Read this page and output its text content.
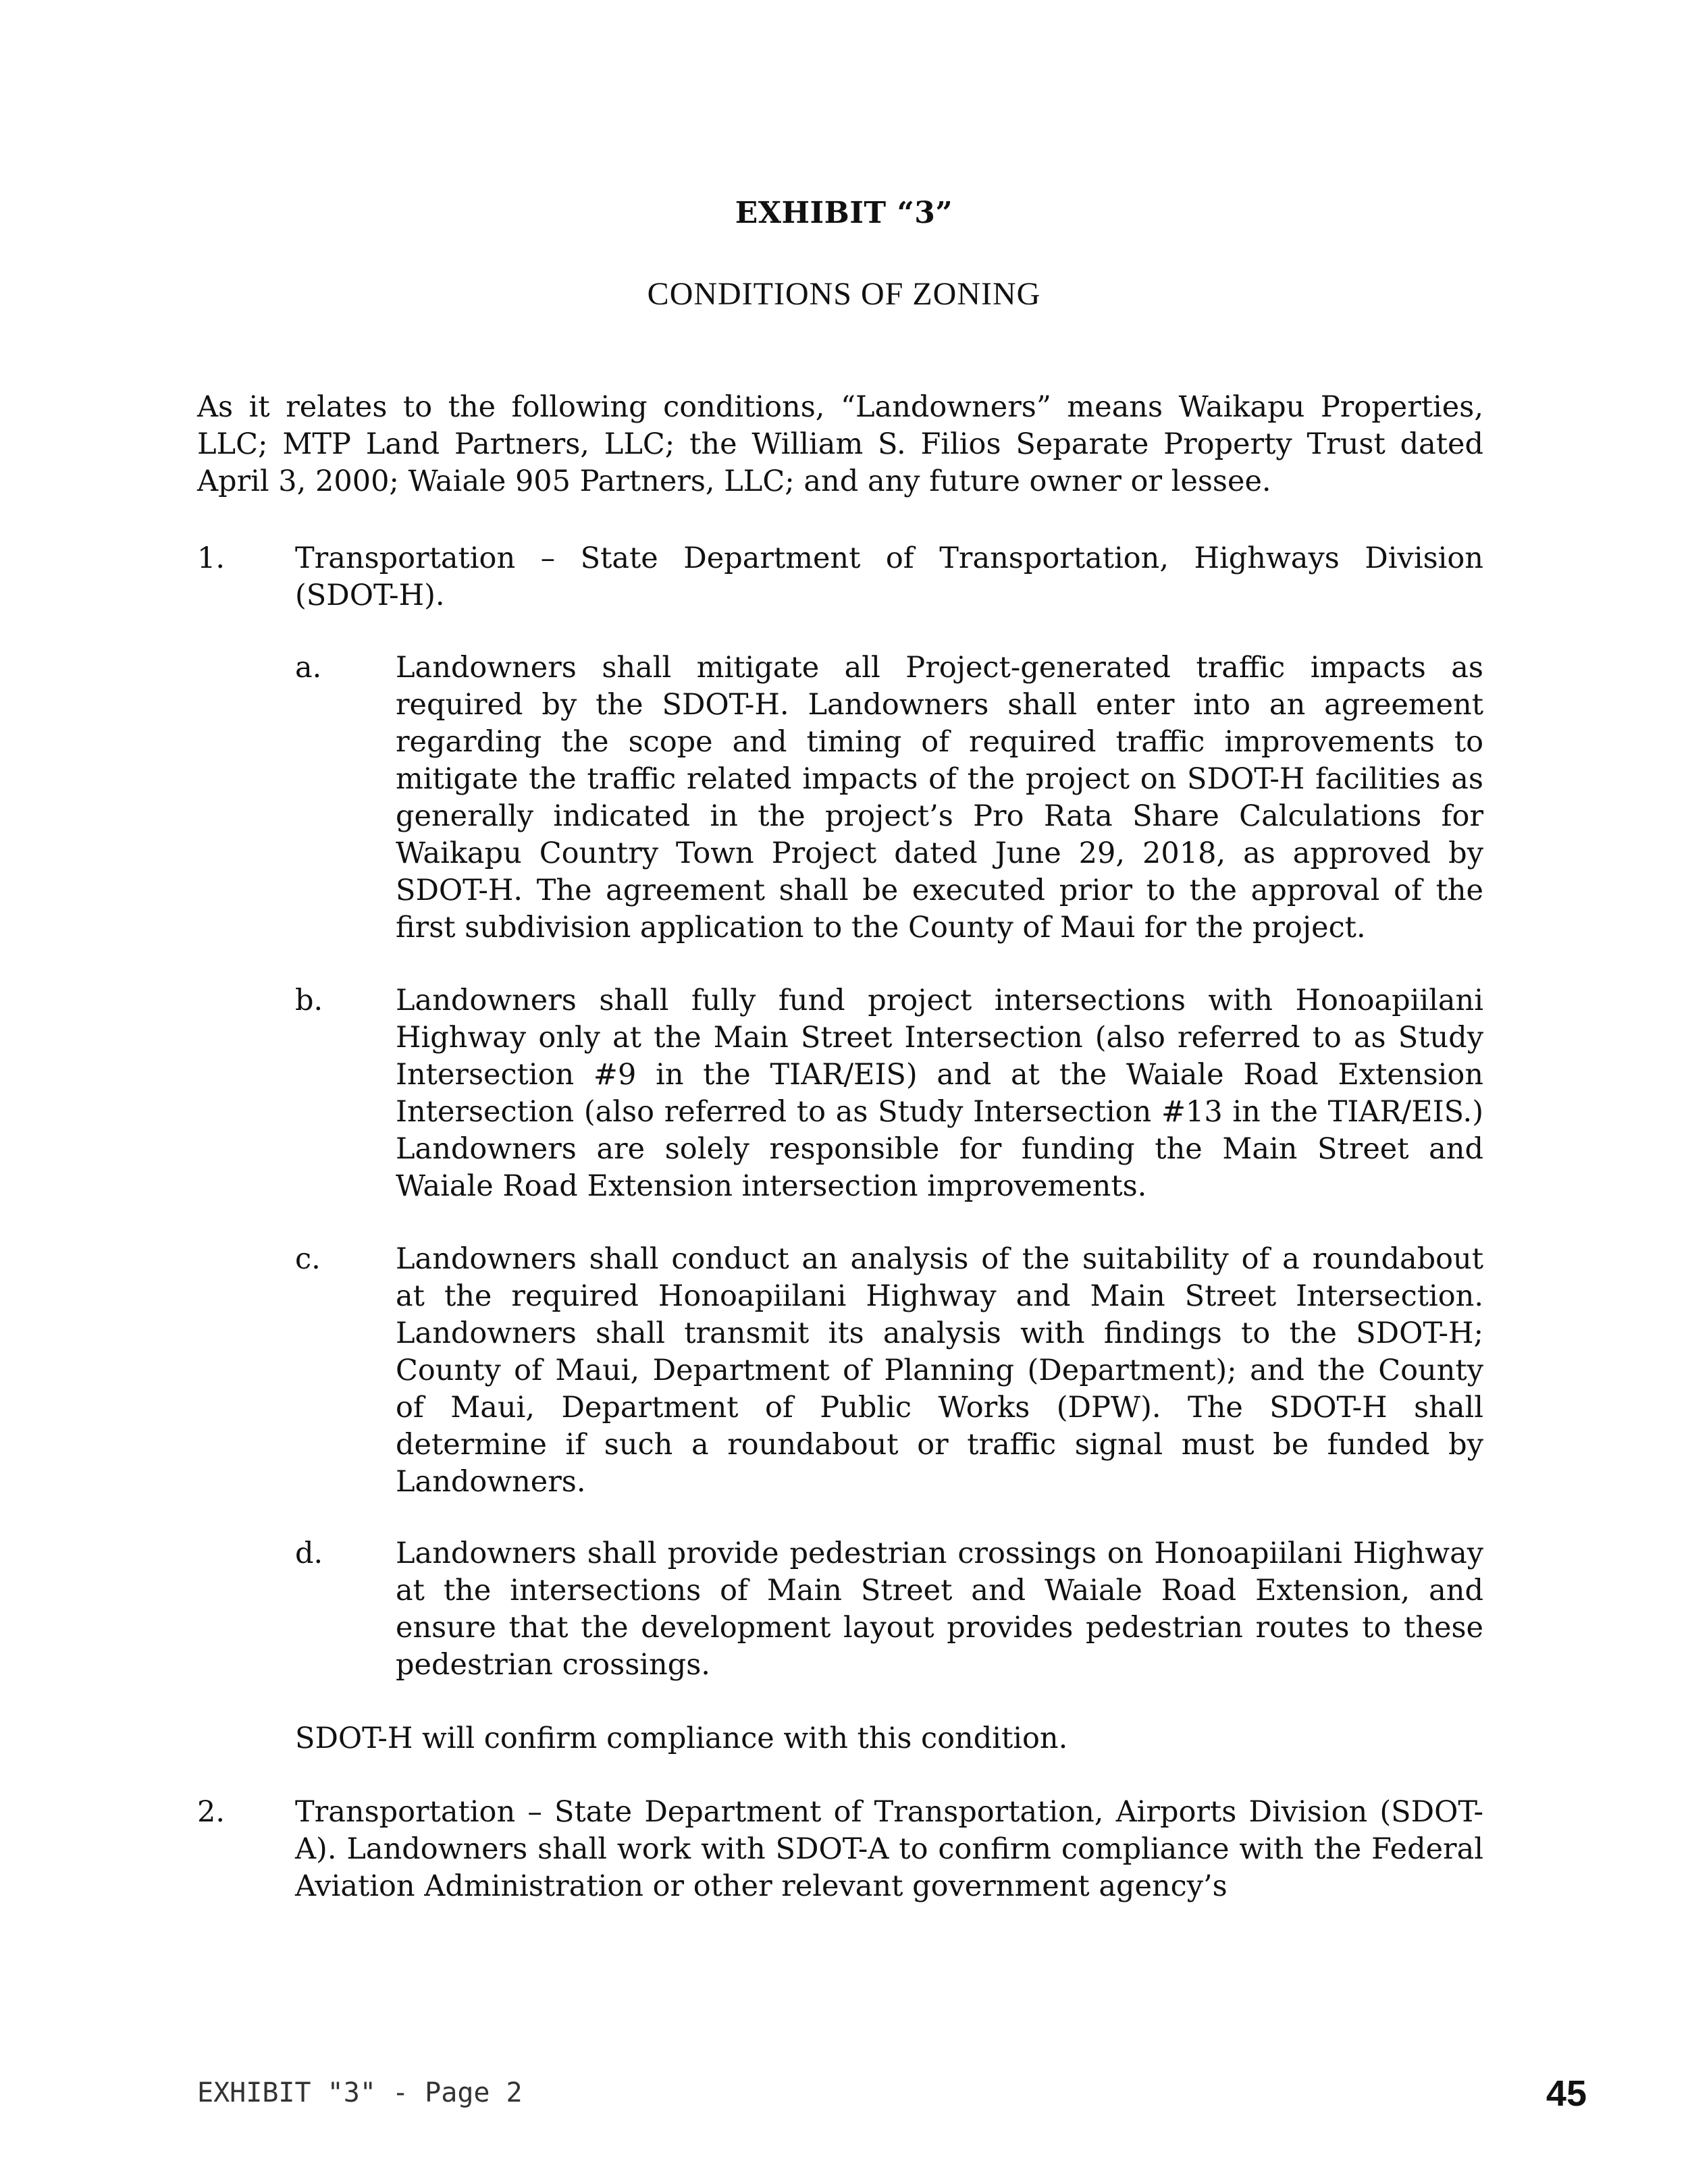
EXHIBIT “3”
CONDITIONS OF ZONING

As it relates to the following conditions, “Landowners” means Waikapu Properties, LLC; MTP Land Partners, LLC; the William S. Filios Separate Property Trust dated April 3, 2000; Waiale 905 Partners, LLC; and any future owner or lessee.

1. Transportation – State Department of Transportation, Highways Division (SDOT-H).

a.	Landowners shall mitigate all Project-generated traffic impacts as required by the SDOT-H. Landowners shall enter into an agreement regarding the scope and timing of required traffic improvements to mitigate the traffic related impacts of the project on SDOT-H facilities as generally indicated in the project’s Pro Rata Share Calculations for Waikapu Country Town Project dated June 29, 2018, as approved by SDOT-H. The agreement shall be executed prior to the approval of the first subdivision application to the County of Maui for the project.

b.	Landowners shall fully fund project intersections with Honoapiilani Highway only at the Main Street Intersection (also referred to as Study Intersection #9 in the TIAR/EIS) and at the Waiale Road Extension Intersection (also referred to as Study Intersection #13 in the TIAR/EIS.) Landowners are solely responsible for funding the Main Street and Waiale Road Extension intersection improvements.

c.	Landowners shall conduct an analysis of the suitability of a roundabout at the required Honoapiilani Highway and Main Street Intersection. Landowners shall transmit its analysis with findings to the SDOT-H; County of Maui, Department of Planning (Department); and the County of Maui, Department of Public Works (DPW). The SDOT-H shall determine if such a roundabout or traffic signal must be funded by Landowners.

d.	Landowners shall provide pedestrian crossings on Honoapiilani Highway at the intersections of Main Street and Waiale Road Extension, and ensure that the development layout provides pedestrian routes to these pedestrian crossings.

SDOT-H will confirm compliance with this condition.

2. Transportation – State Department of Transportation, Airports Division (SDOT-A). Landowners shall work with SDOT-A to confirm compliance with the Federal Aviation Administration or other relevant government agency’s

EXHIBIT "3" - Page 2	45
